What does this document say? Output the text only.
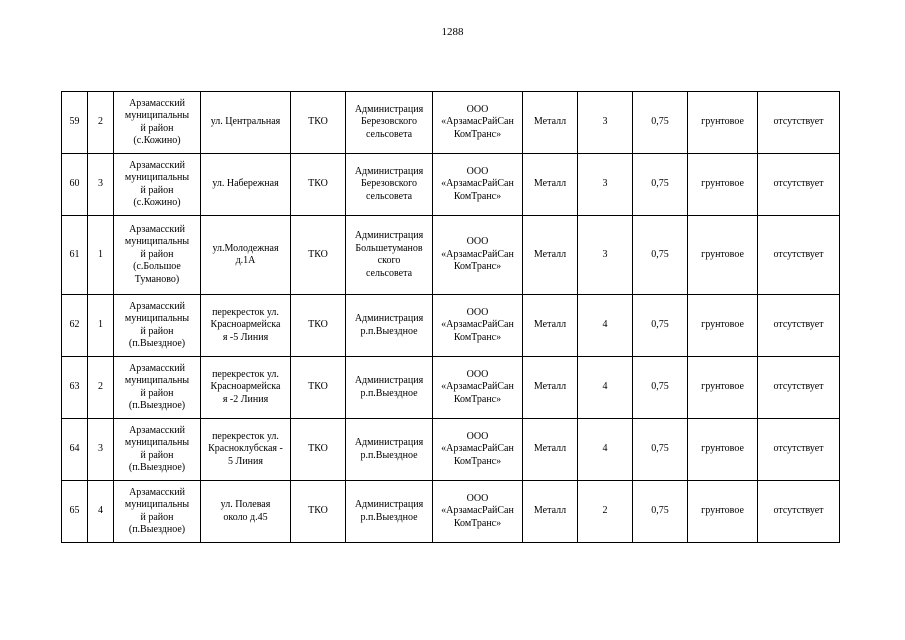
1288
59	2	Арзамасский
муниципальны
й район
(с.Кожино)	ул. Центральная	ТКО	Администрация
Березовского
сельсовета	ООО
«АрзамасРайСан
КомТранс»	Металл	3	0,75	грунтовое	отсутствует
60	3	Арзамасский
муниципальны
й район
(с.Кожино)	ул. Набережная	ТКО	Администрация
Березовского
сельсовета	ООО
«АрзамасРайСан
КомТранс»	Металл	3	0,75	грунтовое	отсутствует
61	1	Арзамасский
муниципальны
й район
(с.Большое
Туманово)	ул.Молодежная
д.1А	ТКО	Администрация
Большетуманов
ского
сельсовета	ООО
«АрзамасРайСан
КомТранс»	Металл	3	0,75	грунтовое	отсутствует
62	1	Арзамасский
муниципальны
й район
(п.Выездное)	перекресток ул.
Красноармейска
я -5 Линия	ТКО	Администрация
р.п.Выездное	ООО
«АрзамасРайСан
КомТранс»	Металл	4	0,75	грунтовое	отсутствует
63	2	Арзамасский
муниципальны
й район
(п.Выездное)	перекресток ул.
Красноармейска
я -2 Линия	ТКО	Администрация
р.п.Выездное	ООО
«АрзамасРайСан
КомТранс»	Металл	4	0,75	грунтовое	отсутствует
64	3	Арзамасский
муниципальны
й район
(п.Выездное)	перекресток ул.
Красноклубская -
5 Линия	ТКО	Администрация
р.п.Выездное	ООО
«АрзамасРайСан
КомТранс»	Металл	4	0,75	грунтовое	отсутствует
65	4	Арзамасский
муниципальны
й район
(п.Выездное)	ул. Полевая
около д.45	ТКО	Администрация
р.п.Выездное	ООО
«АрзамасРайСан
КомТранс»	Металл	2	0,75	грунтовое	отсутствует
